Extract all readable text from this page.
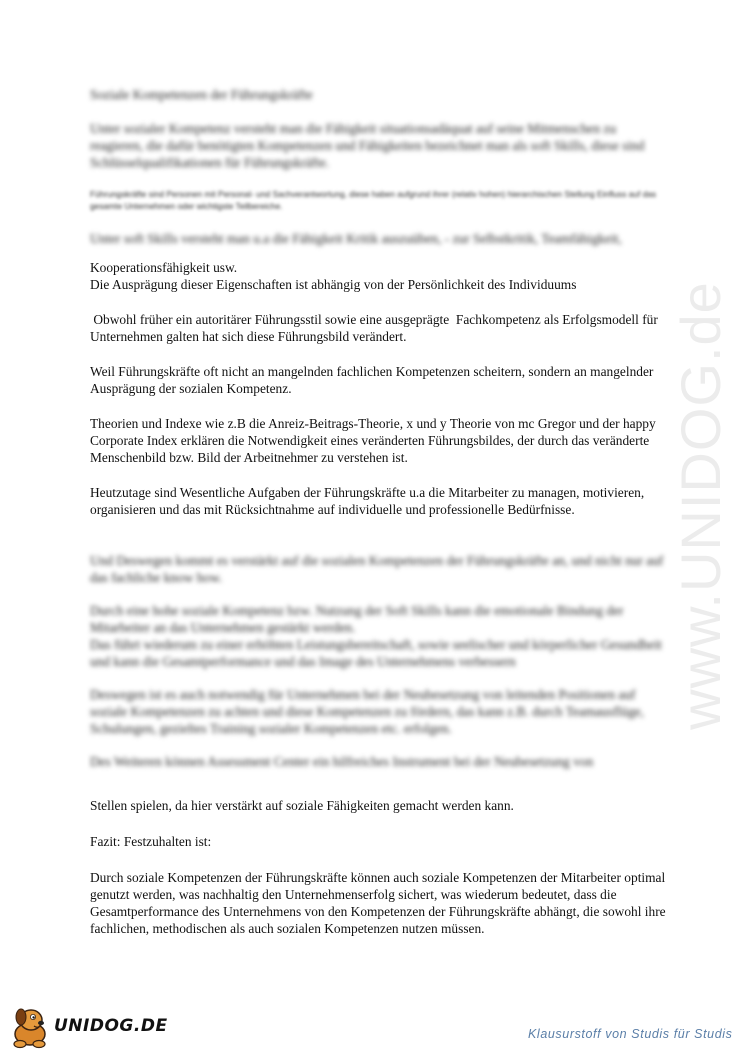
www.UNIDOG.de

Soziale Kompetenzen der Führungskräfte

Unter sozialer Kompetenz versteht man die Fähigkeit situationsadäquat auf seine Mitmenschen zu reagieren, die dafür benötigten Kompetenzen und Fähigkeiten bezeichnet man als soft Skills, diese sind Schlüsselqualifikationen für Führungskräfte.

Führungskräfte sind Personen mit Personal- und Sachverantwortung, diese haben aufgrund ihrer (relativ hohen) hierarchischen Stellung Einfluss auf das gesamte Unternehmen oder wichtigste Teilbereiche.

Unter soft Skills versteht man u.a die Fähigkeit Kritik auszuüben, - zur Selbstkritik, Teamfähigkeit,

Kooperationsfähigkeit usw.

Die Ausprägung dieser Eigenschaften ist abhängig von der Persönlichkeit des Individuums

Obwohl früher ein autoritärer Führungsstil sowie eine ausgeprägte  Fachkompetenz als Erfolgsmodell für Unternehmen galten hat sich diese Führungsbild verändert.

Weil Führungskräfte oft nicht an mangelnden fachlichen Kompetenzen scheitern, sondern an mangelnder Ausprägung der sozialen Kompetenz.

Theorien und Indexe wie z.B die Anreiz-Beitrags-Theorie, x und y Theorie von mc Gregor und der happy Corporate Index erklären die Notwendigkeit eines veränderten Führungsbildes, der durch das veränderte Menschenbild bzw. Bild der Arbeitnehmer zu verstehen ist.

Heutzutage sind Wesentliche Aufgaben der Führungskräfte u.a die Mitarbeiter zu managen, motivieren, organisieren und das mit Rücksichtnahme auf individuelle und professionelle Bedürfnisse.

Und Deswegen kommt es verstärkt auf die sozialen Kompetenzen der Führungskräfte an, und nicht nur auf das fachliche know how.

Durch eine hohe soziale Kompetenz bzw. Nutzung der Soft Skills kann die emotionale Bindung der Mitarbeiter an das Unternehmen gestärkt werden.

Das führt wiederum zu einer erhöhten Leistungsbereitschaft, sowie seelischer und körperlicher Gesundheit und kann die Gesamtperformance und das Image des Unternehmens verbessern

Deswegen ist es auch notwendig für Unternehmen bei der Neubesetzung von leitenden Positionen auf soziale Kompetenzen zu achten und diese Kompetenzen zu fördern, das kann z.B. durch Teamausflüge, Schulungen, gezieltes Training sozialer Kompetenzen etc. erfolgen.

Des Weiteren können Assessment Center ein hilfreiches Instrument bei der Neubesetzung von

Stellen spielen, da hier verstärkt auf soziale Fähigkeiten gemacht werden kann.

Fazit: Festzuhalten ist:

Durch soziale Kompetenzen der Führungskräfte können auch soziale Kompetenzen der Mitarbeiter optimal genutzt werden, was nachhaltig den Unternehmenserfolg sichert, was wiederum bedeutet, dass die Gesamtperformance des Unternehmens von den Kompetenzen der Führungskräfte abhängt, die sowohl ihre fachlichen, methodischen als auch sozialen Kompetenzen nutzen müssen.

UNIDOG.DE	Klausurstoff von Studis für Studis
